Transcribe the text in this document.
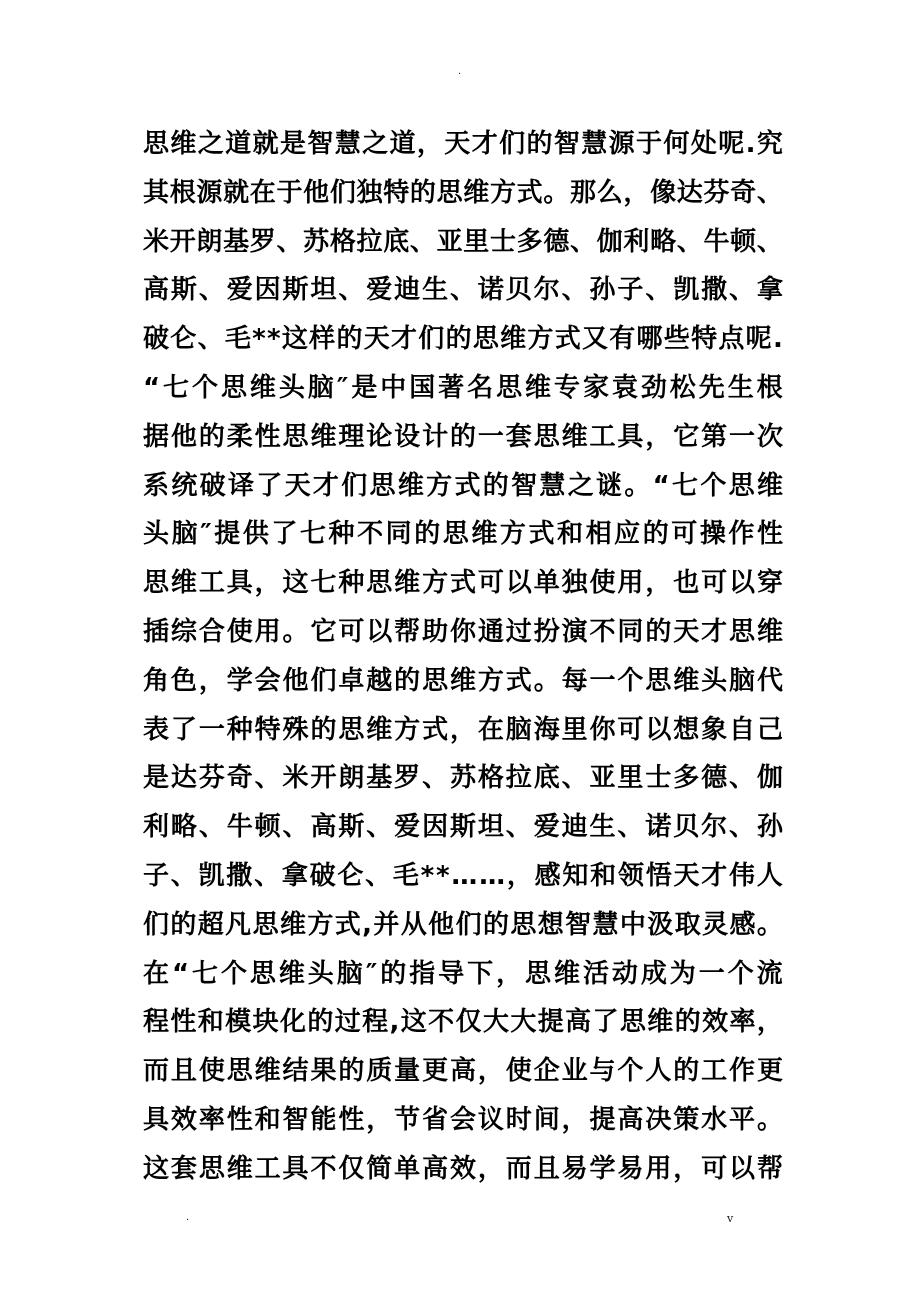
.
思 维 之 道 就 是 智 慧 之 道 ， 天 才 们 的 智 慧 源 于 何 处 呢 . 究
其 根 源 就 在 于 他 们 独 特 的 思 维 方 式 。 那 么 ， 像 达 芬 奇 、
米 开 朗 基 罗 、 苏 格 拉 底 、 亚 里 士 多 德 、 伽 利 略 、 牛 顿 、
高 斯 、 爱 因 斯 坦 、 爱 迪 生 、 诺 贝 尔 、 孙 子 、 凯 撒 、 拿
破 仑 、 毛 * * 这 样 的 天 才 们 的 思 维 方 式 又 有 哪 些 特 点 呢 .
“ 七 个 思 维 头 脑 ″ 是 中 国 著 名 思 维 专 家 袁 劲 松 先 生 根
据 他 的 柔 性 思 维 理 论 设 计 的 一 套 思 维 工 具 ， 它 第 一 次
系 统 破 译 了 天 才 们 思 维 方 式 的 智 慧 之 谜 。 “ 七 个 思 维
头 脑 ″ 提 供 了 七 种 不 同 的 思 维 方 式 和 相 应 的 可 操 作 性
思 维 工 具 ， 这 七 种 思 维 方 式 可 以 单 独 使 用 ， 也 可 以 穿
插 综 合 使 用 。 它 可 以 帮 助 你 通 过 扮 演 不 同 的 天 才 思 维
角 色 ， 学 会 他 们 卓 越 的 思 维 方 式 。 每 一 个 思 维 头 脑 代
表 了 一 种 特 殊 的 思 维 方 式 ， 在 脑 海 里 你 可 以 想 象 自 己
是 达 芬 奇 、 米 开 朗 基 罗 、 苏 格 拉 底 、 亚 里 士 多 德 、 伽
利 略 、 牛 顿 、 高 斯 、 爱 因 斯 坦 、 爱 迪 生 、 诺 贝 尔 、 孙
子 、 凯 撒 、 拿 破 仑 、 毛 * * … … ， 感 知 和 领 悟 天 才 伟 人
们 的 超 凡 思 维 方 式 , 并 从 他 们 的 思 想 智 慧 中 汲 取 灵 感 。
在 “ 七 个 思 维 头 脑 ″ 的 指 导 下 ， 思 维 活 动 成 为 一 个 流
程 性 和 模 块 化 的 过 程 , 这 不 仅 大 大 提 高 了 思 维 的 效 率 ，
而 且 使 思 维 结 果 的 质 量 更 高 ， 使 企 业 与 个 人 的 工 作 更
具 效 率 性 和 智 能 性 ， 节 省 会 议 时 间 ， 提 高 决 策 水 平 。
这 套 思 维 工 具 不 仅 简 单 高 效 ， 而 且 易 学 易 用 ， 可 以 帮
.	v
